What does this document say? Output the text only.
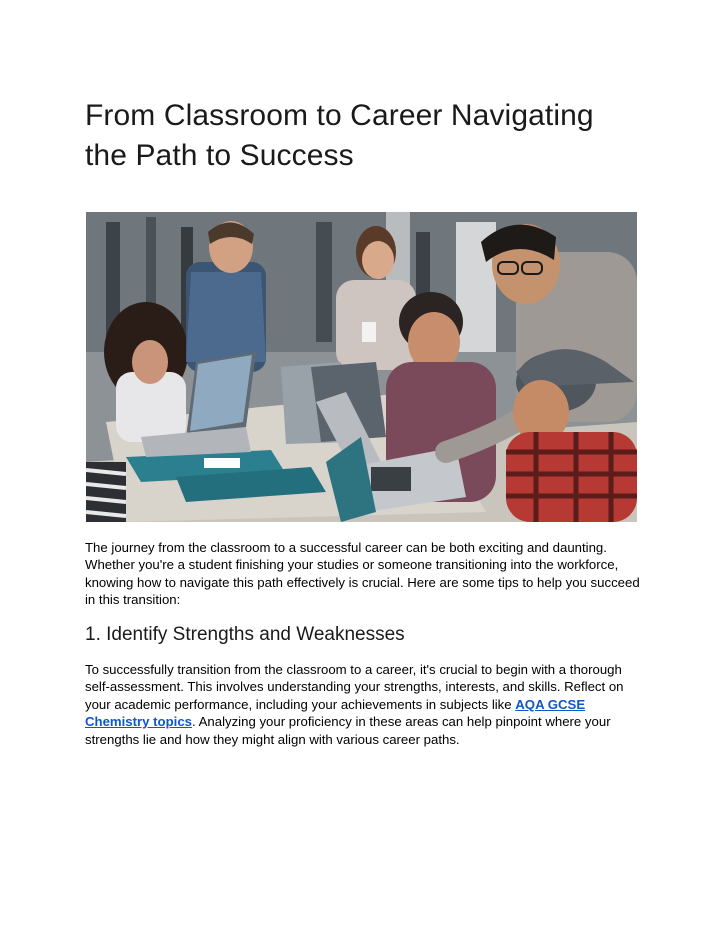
From Classroom to Career Navigating
the Path to Success

The journey from the classroom to a successful career can be both exciting and daunting. Whether you're a student finishing your studies or someone transitioning into the workforce, knowing how to navigate this path effectively is crucial. Here are some tips to help you succeed in this transition:

1. Identify Strengths and Weaknesses

To successfully transition from the classroom to a career, it's crucial to begin with a thorough self-assessment. This involves understanding your strengths, interests, and skills. Reflect on your academic performance, including your achievements in subjects like AQA GCSE Chemistry topics. Analyzing your proficiency in these areas can help pinpoint where your strengths lie and how they might align with various career paths.
